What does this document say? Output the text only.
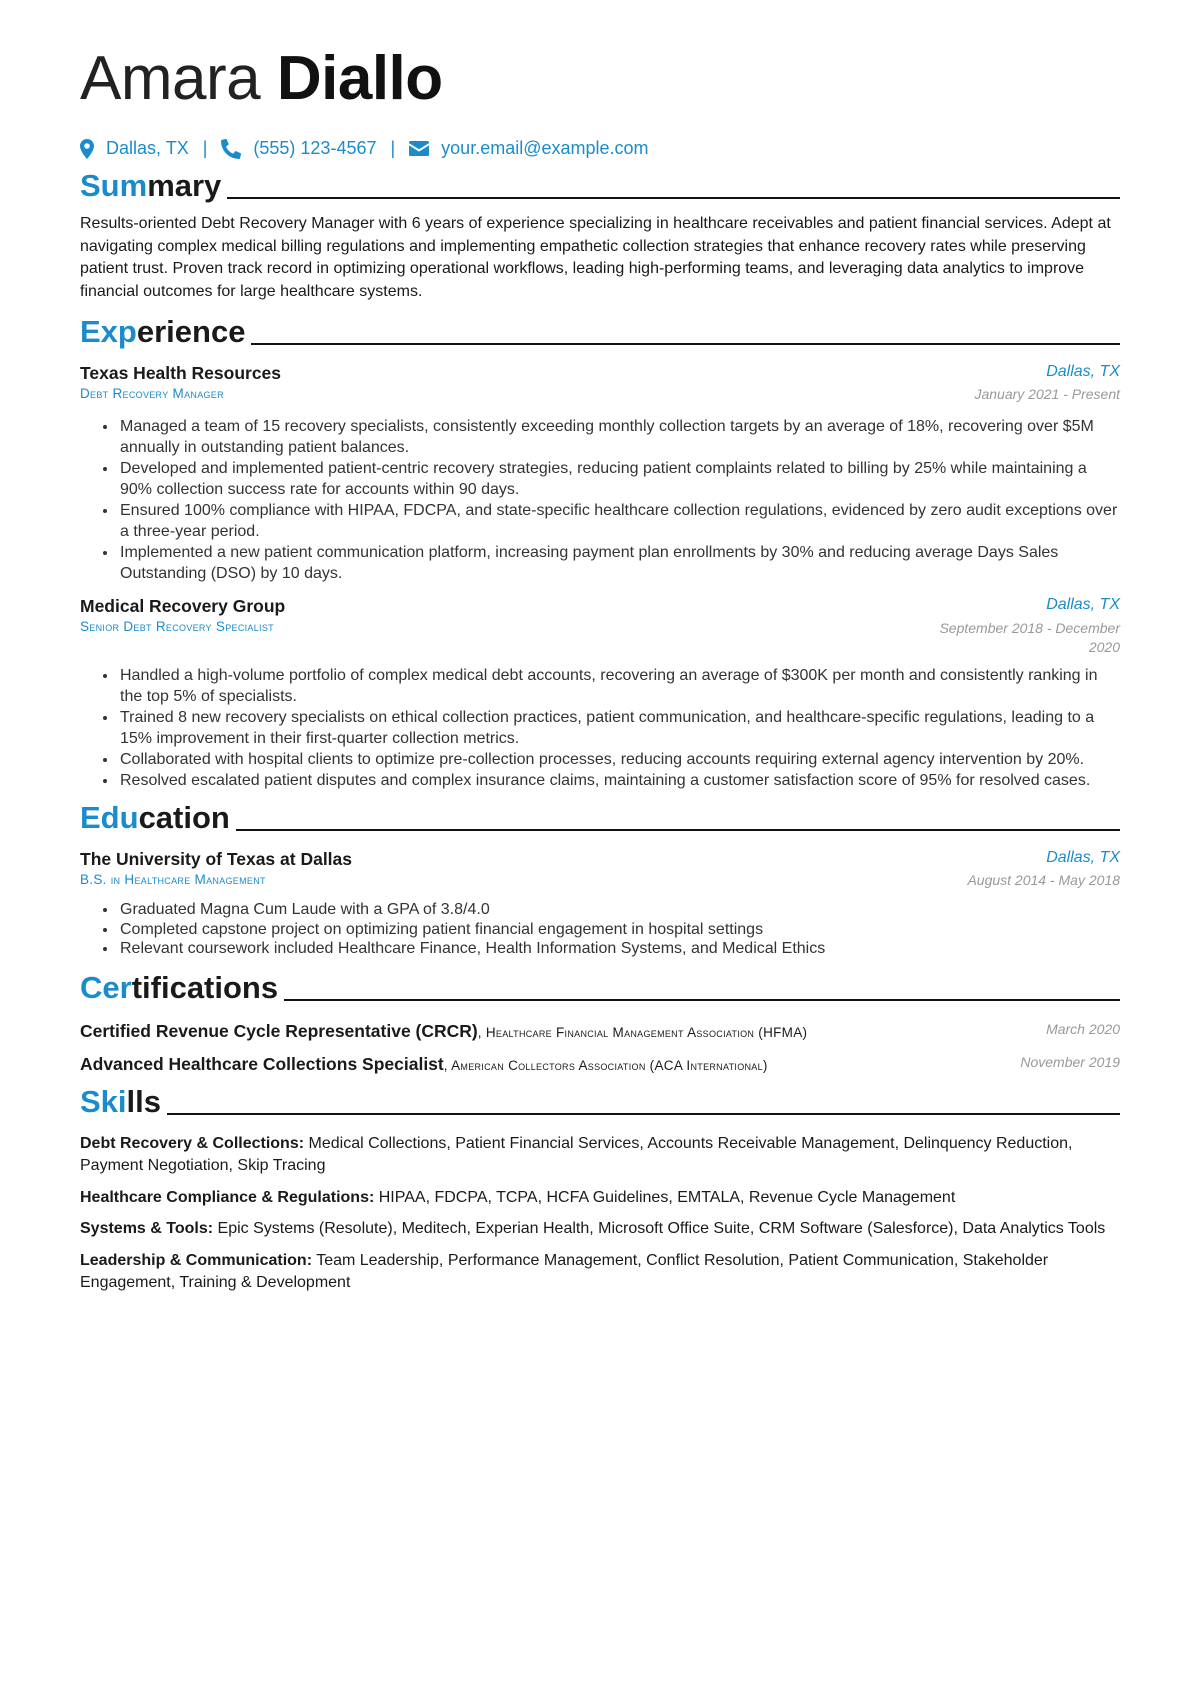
Amara Diallo
Dallas, TX |	(555) 123-4567 |	your.email@example.com
Summary

Results-oriented Debt Recovery Manager with 6 years of experience specializing in healthcare receivables and patient financial services. Adept at navigating complex medical billing regulations and implementing empathetic collection strategies that enhance recovery rates while preserving patient trust. Proven track record in optimizing operational workflows, leading high-performing teams, and leveraging data analytics to improve financial outcomes for large healthcare systems.

Experience
Texas Health Resources	Dallas, TX
Debt Recovery Manager	January 2021 - Present
• Managed a team of 15 recovery specialists, consistently exceeding monthly collection targets by an average of 18%, recovering over $5M annually in outstanding patient balances.
• Developed and implemented patient-centric recovery strategies, reducing patient complaints related to billing by 25% while maintaining a 90% collection success rate for accounts within 90 days.
• Ensured 100% compliance with HIPAA, FDCPA, and state-specific healthcare collection regulations, evidenced by zero audit exceptions over a three-year period.
• Implemented a new patient communication platform, increasing payment plan enrollments by 30% and reducing average Days Sales Outstanding (DSO) by 10 days.
Medical Recovery Group	Dallas, TX
Senior Debt Recovery Specialist	September 2018 - December
2020
• Handled a high-volume portfolio of complex medical debt accounts, recovering an average of $300K per month and consistently ranking in the top 5% of specialists.
• Trained 8 new recovery specialists on ethical collection practices, patient communication, and healthcare-specific regulations, leading to a 15% improvement in their first-quarter collection metrics.
• Collaborated with hospital clients to optimize pre-collection processes, reducing accounts requiring external agency intervention by 20%.
• Resolved escalated patient disputes and complex insurance claims, maintaining a customer satisfaction score of 95% for resolved cases.
Education
The University of Texas at Dallas	Dallas, TX
B.S. in Healthcare Management	August 2014 - May 2018
• Graduated Magna Cum Laude with a GPA of 3.8/4.0
• Completed capstone project on optimizing patient financial engagement in hospital settings
• Relevant coursework included Healthcare Finance, Health Information Systems, and Medical Ethics
Certifications
Certified Revenue Cycle Representative (CRCR), Healthcare Financial Management Association (HFMA)	March 2020
Advanced Healthcare Collections Specialist, American Collectors Association (ACA International)	November 2019
Skills
Debt Recovery & Collections: Medical Collections, Patient Financial Services, Accounts Receivable Management, Delinquency Reduction, Payment Negotiation, Skip Tracing
Healthcare Compliance & Regulations: HIPAA, FDCPA, TCPA, HCFA Guidelines, EMTALA, Revenue Cycle Management
Systems & Tools: Epic Systems (Resolute), Meditech, Experian Health, Microsoft Office Suite, CRM Software (Salesforce), Data Analytics Tools
Leadership & Communication: Team Leadership, Performance Management, Conflict Resolution, Patient Communication, Stakeholder Engagement, Training & Development
